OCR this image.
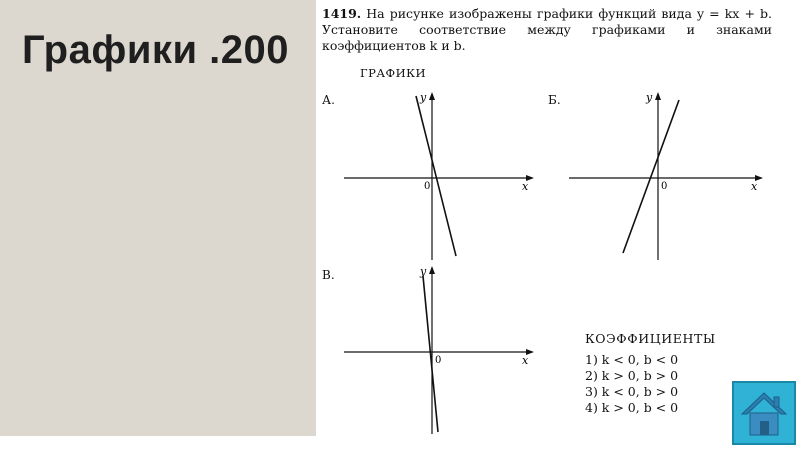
Графики .200
1419. На рисунке изображены графики функций вида y = kx + b. Установите соответствие между графиками и знаками коэффициентов k и b.
ГРАФИКИ
А.	y
x
0
Б.	y
x
0
В.	y
x
0
КОЭФФИЦИЕНТЫ
1) k < 0, b < 0
2) k > 0, b > 0
3) k < 0, b > 0
4) k > 0, b < 0
